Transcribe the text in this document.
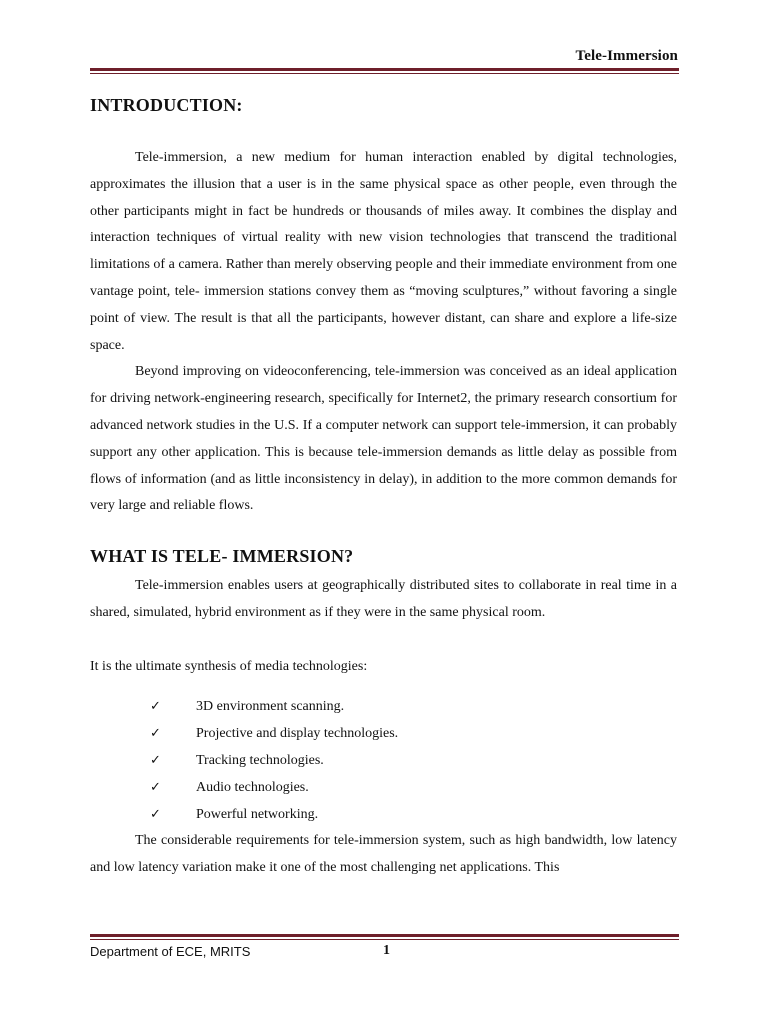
Tele-Immersion
INTRODUCTION:

Tele-immersion, a new medium for human interaction enabled by digital technologies, approximates the illusion that a user is in the same physical space as other people, even through the other participants might in fact be hundreds or thousands of miles away. It combines the display and interaction techniques of virtual reality with new vision technologies that transcend the traditional limitations of a camera. Rather than merely observing people and their immediate environment from one vantage point, tele- immersion stations convey them as “moving sculptures,” without favoring a single point of view. The result is that all the participants, however distant, can share and explore a life-size space.

Beyond improving on videoconferencing, tele-immersion was conceived as an ideal application for driving network-engineering research, specifically for Internet2, the primary research consortium for advanced network studies in the U.S. If a computer network can support tele-immersion, it can probably support any other application. This is because tele-immersion demands as little delay as possible from flows of information (and as little inconsistency in delay), in addition to the more common demands for very large and reliable flows.

WHAT IS TELE- IMMERSION?

Tele-immersion enables users at geographically distributed sites to collaborate in real time in a shared, simulated, hybrid environment as if they were in the same physical room.

It is the ultimate synthesis of media technologies:

✓	3D environment scanning.
✓	Projective and display technologies.
✓	Tracking technologies.
✓	Audio technologies.
✓	Powerful networking.

The considerable requirements for tele-immersion system, such as high bandwidth, low latency and low latency variation make it one of the most challenging net applications. This

Department of ECE, MRITS	1
